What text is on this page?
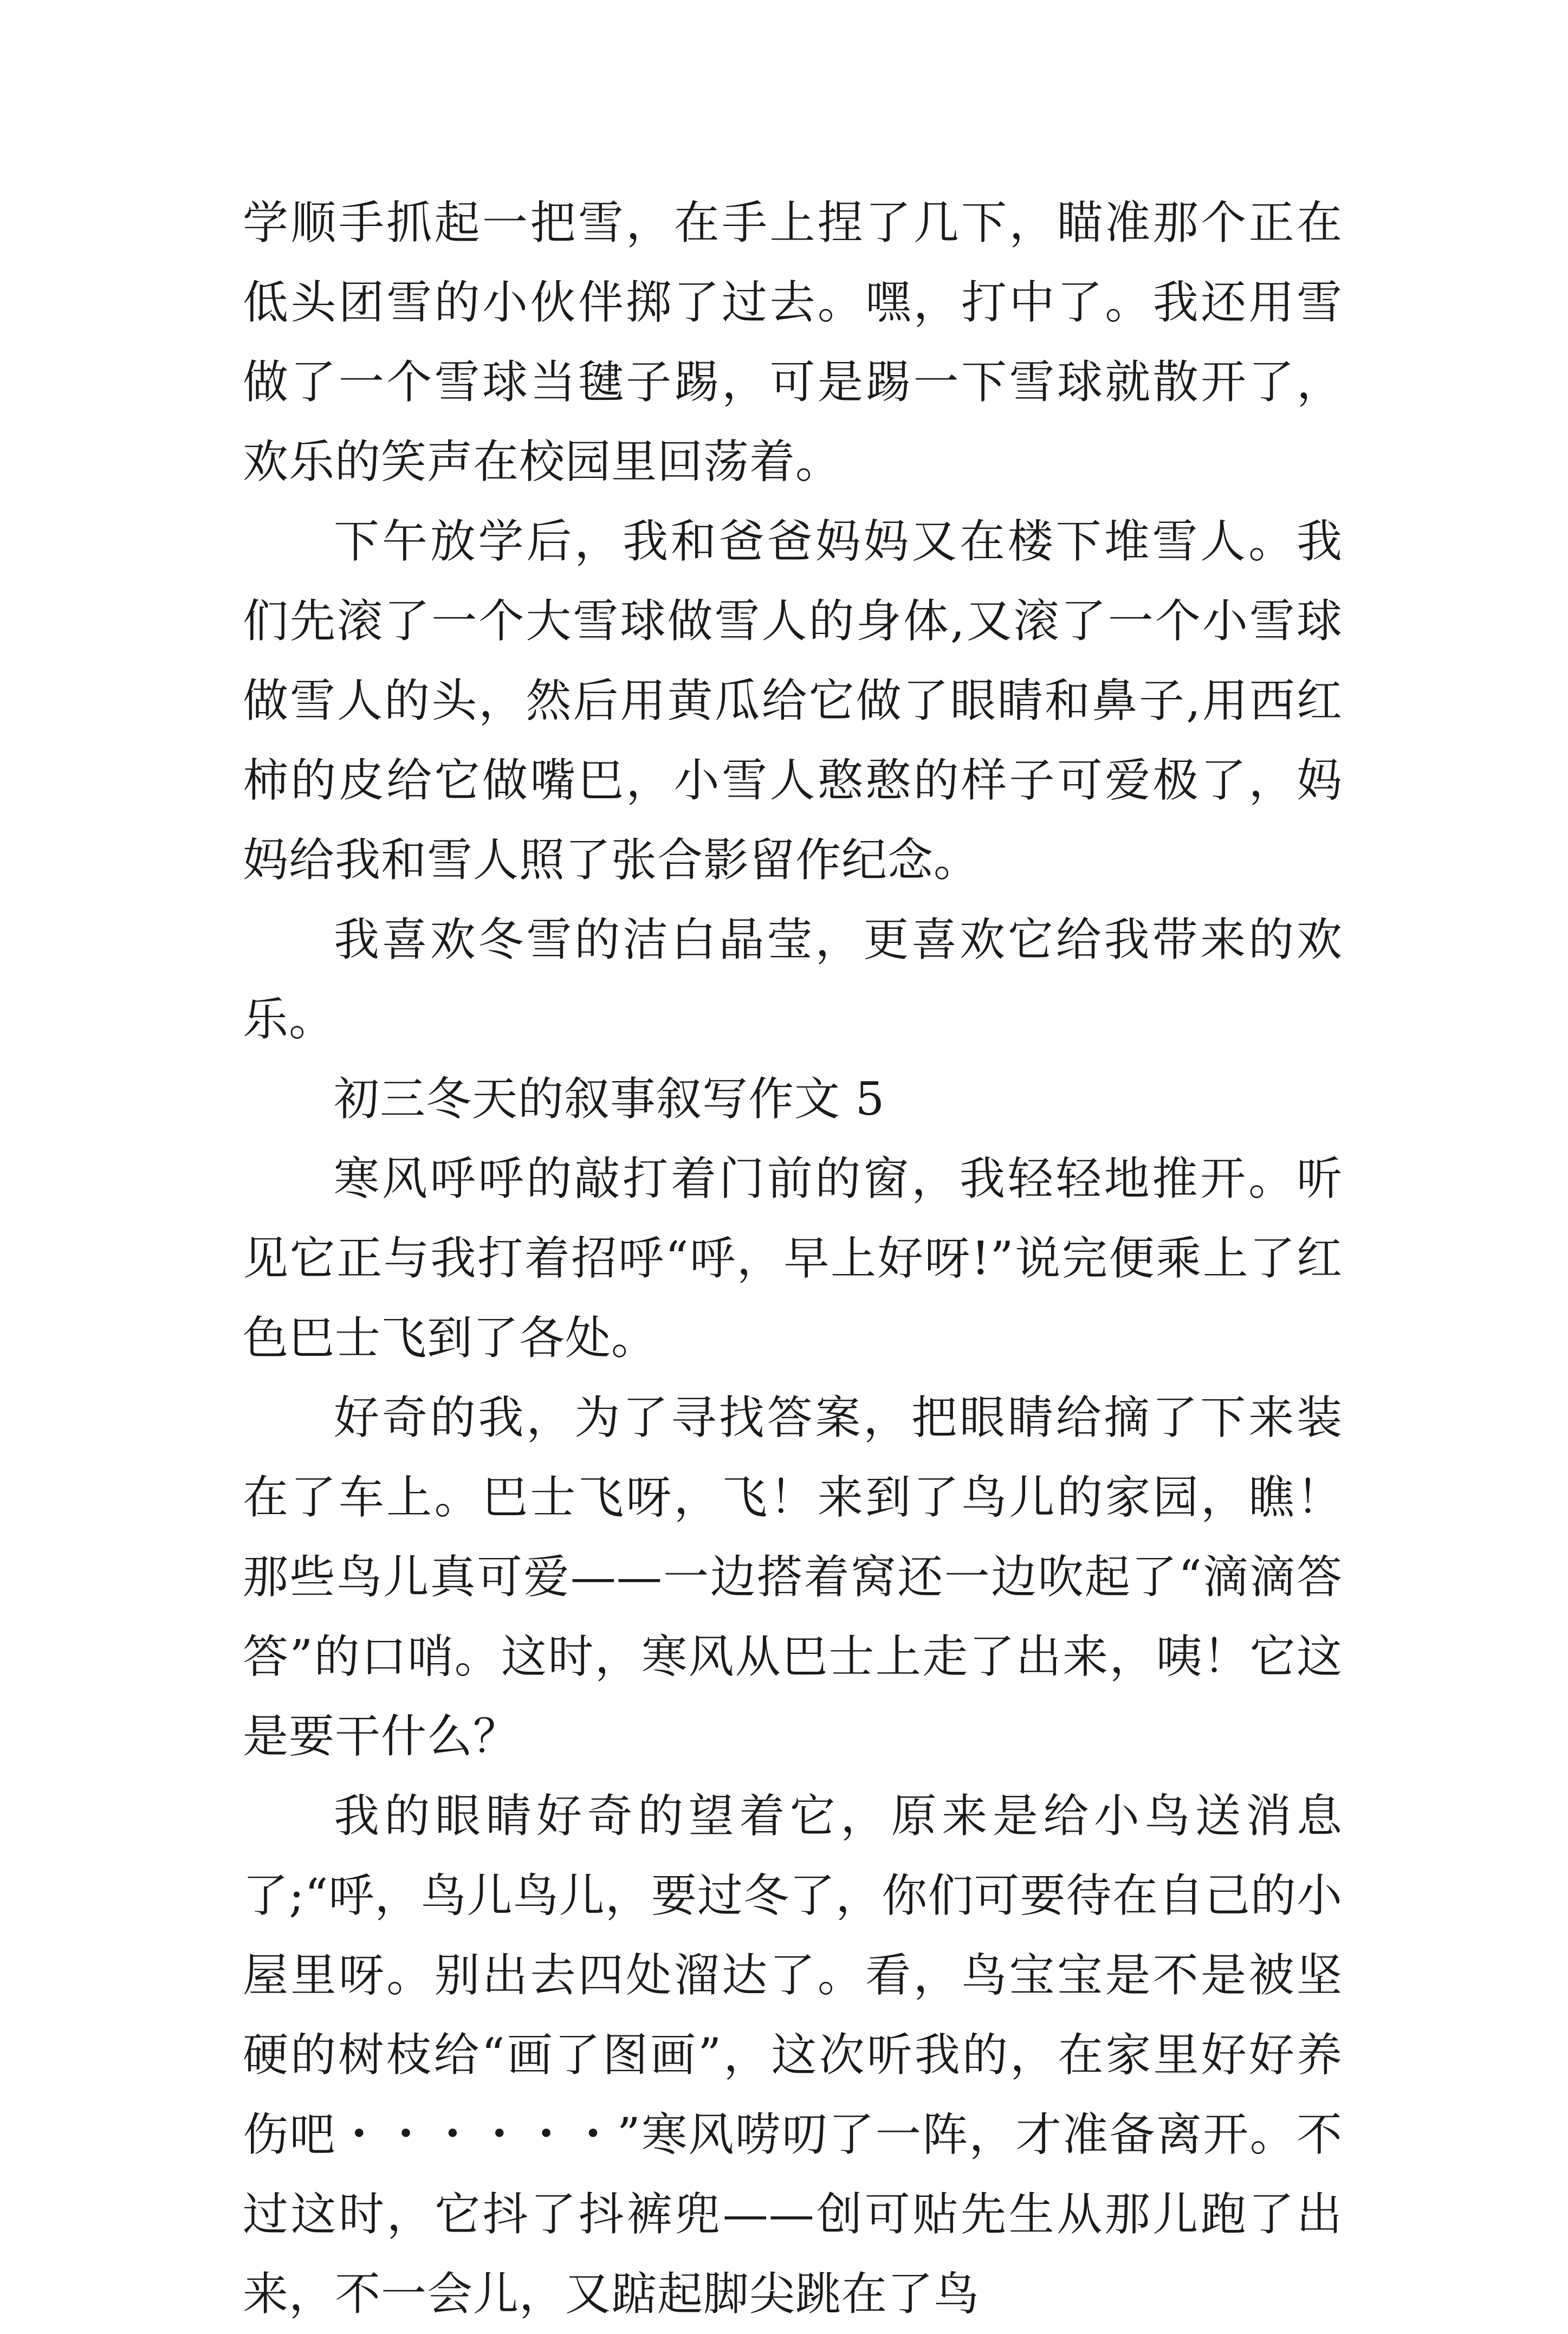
学顺手抓起一把雪，在手上捏了几下，瞄准那个正在低头团雪的小伙伴掷了过去。嘿，打中了。我还用雪做了一个雪球当毽子踢，可是踢一下雪球就散开了，欢乐的笑声在校园里回荡着。

下午放学后，我和爸爸妈妈又在楼下堆雪人。我们先滚了一个大雪球做雪人的身体,又滚了一个小雪球做雪人的头，然后用黄瓜给它做了眼睛和鼻子,用西红柿的皮给它做嘴巴，小雪人憨憨的样子可爱极了，妈妈给我和雪人照了张合影留作纪念。

我喜欢冬雪的洁白晶莹，更喜欢它给我带来的欢乐。

初三冬天的叙事叙写作文 5

寒风呼呼的敲打着门前的窗，我轻轻地推开。听见它正与我打着招呼“呼，早上好呀!”说完便乘上了红色巴士飞到了各处。

好奇的我，为了寻找答案，把眼睛给摘了下来装在了车上。巴士飞呀，飞！来到了鸟儿的家园，瞧！那些鸟儿真可爱——一边搭着窝还一边吹起了“滴滴答答”的口哨。这时，寒风从巴士上走了出来，咦！它这是要干什么？

我的眼睛好奇的望着它，原来是给小鸟送消息了;“呼，鸟儿鸟儿，要过冬了，你们可要待在自己的小屋里呀。别出去四处溜达了。看，鸟宝宝是不是被坚硬的树枝给“画了图画”，这次听我的，在家里好好养伤吧・・・・・・”寒风唠叨了一阵，才准备离开。不过这时，它抖了抖裤兜——创可贴先生从那儿跑了出来，不一会儿，又踮起脚尖跳在了鸟
